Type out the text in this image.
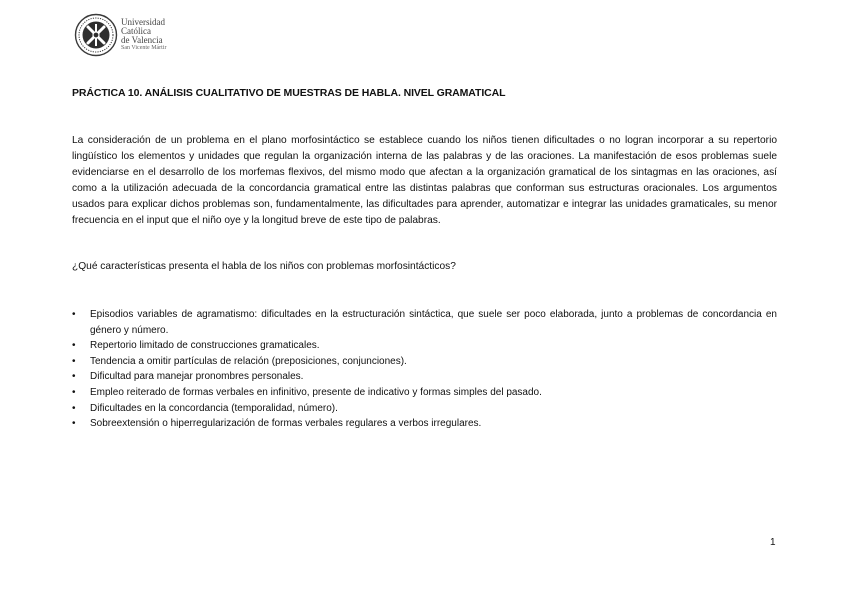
Universidad
Católica
de Valencia
San Vicente Mártir
PRÁCTICA 10. ANÁLISIS CUALITATIVO DE MUESTRAS DE HABLA. NIVEL GRAMATICAL

La consideración de un problema en el plano morfosintáctico se establece cuando los niños tienen dificultades o no logran incorporar a su repertorio lingüístico los elementos y unidades que regulan la organización interna de las palabras y de las oraciones. La manifestación de esos problemas suele evidenciarse en el desarrollo de los morfemas flexivos, del mismo modo que afectan a la organización gramatical de los sintagmas en las oraciones, así como a la utilización adecuada de la concordancia gramatical entre las distintas palabras que conforman sus estructuras oracionales. Los argumentos usados para explicar dichos problemas son, fundamentalmente, las dificultades para aprender, automatizar e integrar las unidades gramaticales, su menor frecuencia en el input que el niño oye y la longitud breve de este tipo de palabras.

¿Qué características presenta el habla de los niños con problemas morfosintácticos?

• Episodios variables de agramatismo: dificultades en la estructuración sintáctica, que suele ser poco elaborada, junto a problemas de concordancia en género y número.
• Repertorio limitado de construcciones gramaticales.
• Tendencia a omitir partículas de relación (preposiciones, conjunciones).
• Dificultad para manejar pronombres personales.
• Empleo reiterado de formas verbales en infinitivo, presente de indicativo y formas simples del pasado.
• Dificultades en la concordancia (temporalidad, número).
• Sobreextensión o hiperregularización de formas verbales regulares a verbos irregulares.
1
